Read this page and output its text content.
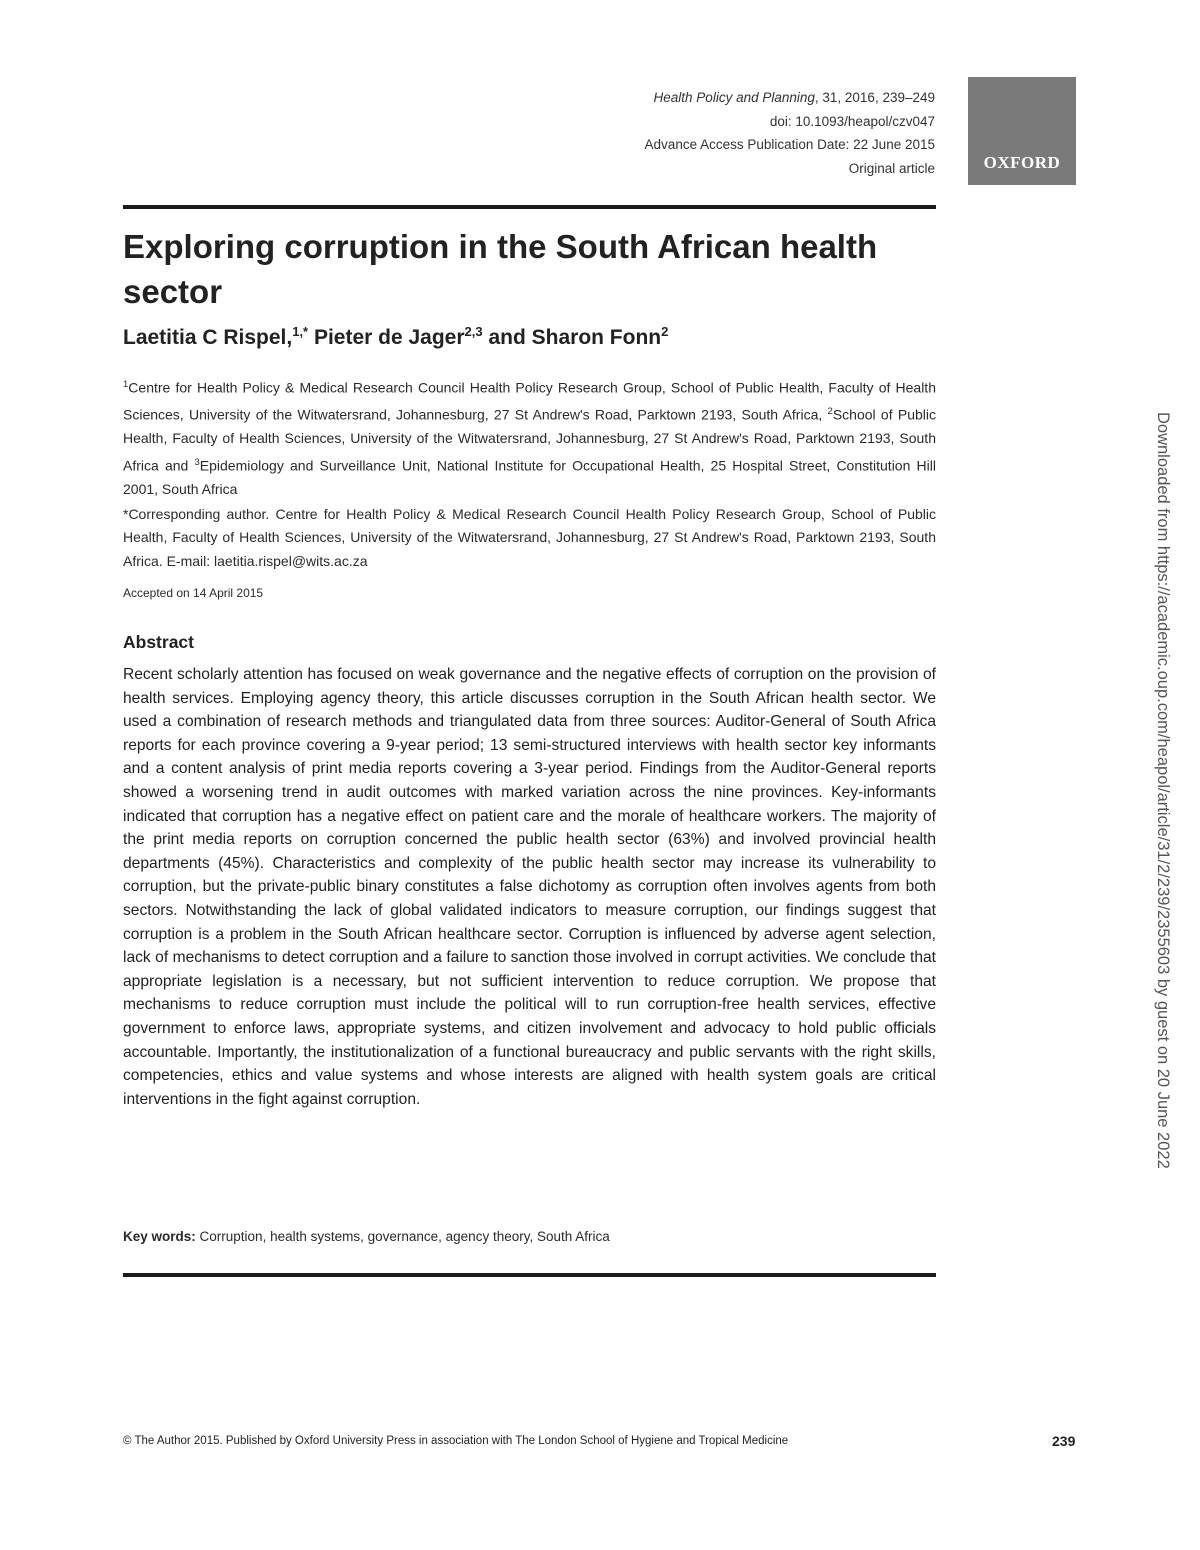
Health Policy and Planning, 31, 2016, 239–249
doi: 10.1093/heapol/czv047
Advance Access Publication Date: 22 June 2015
Original article	OXFORD
Exploring corruption in the South African health sector
Laetitia C Rispel,$^{1,*}$ Pieter de Jager$^{2,3}$ and Sharon Fonn$^2$
$^1$Centre for Health Policy & Medical Research Council Health Policy Research Group, School of Public Health, Faculty of Health Sciences, University of the Witwatersrand, Johannesburg, 27 St Andrew's Road, Parktown 2193, South Africa, $^2$School of Public Health, Faculty of Health Sciences, University of the Witwatersrand, Johannesburg, 27 St Andrew's Road, Parktown 2193, South Africa and $^3$Epidemiology and Surveillance Unit, National Institute for Occupational Health, 25 Hospital Street, Constitution Hill 2001, South Africa
*Corresponding author. Centre for Health Policy & Medical Research Council Health Policy Research Group, School of Public Health, Faculty of Health Sciences, University of the Witwatersrand, Johannesburg, 27 St Andrew's Road, Parktown 2193, South Africa. E-mail: laetitia.rispel@wits.ac.za
Accepted on 14 April 2015
Abstract

Recent scholarly attention has focused on weak governance and the negative effects of corruption on the provision of health services. Employing agency theory, this article discusses corruption in the South African health sector. We used a combination of research methods and triangulated data from three sources: Auditor-General of South Africa reports for each province covering a 9-year period; 13 semi-structured interviews with health sector key informants and a content analysis of print media reports covering a 3-year period. Findings from the Auditor-General reports showed a worsening trend in audit outcomes with marked variation across the nine provinces. Key-informants indicated that corruption has a negative effect on patient care and the morale of healthcare workers. The majority of the print media reports on corruption concerned the public health sector (63%) and involved provincial health departments (45%). Characteristics and complexity of the public health sector may increase its vulnerability to corruption, but the private-public binary constitutes a false dichotomy as corruption often involves agents from both sectors. Notwithstanding the lack of global validated indicators to measure corruption, our findings suggest that corruption is a problem in the South African healthcare sector. Corruption is influenced by adverse agent selection, lack of mechanisms to detect corruption and a failure to sanction those involved in corrupt activities. We conclude that appropriate legislation is a necessary, but not sufficient intervention to reduce corruption. We propose that mechanisms to reduce corruption must include the political will to run corruption-free health services, effective government to enforce laws, appropriate systems, and citizen involvement and advocacy to hold public officials accountable. Importantly, the institutionalization of a functional bureaucracy and public servants with the right skills, competencies, ethics and value systems and whose interests are aligned with health system goals are critical interventions in the fight against corruption.

Key words: Corruption, health systems, governance, agency theory, South Africa
Downloaded from https://academic.oup.com/heapol/article/31/2/239/2355603 by guest on 20 June 2022
© The Author 2015. Published by Oxford University Press in association with The London School of Hygiene and Tropical Medicine	239
